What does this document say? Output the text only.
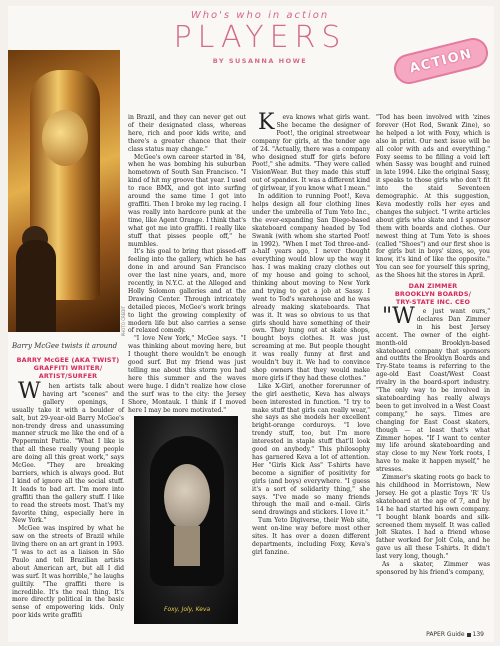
Who's who in action
PLAYERS
BY SUSANNA HOWE	ACTION
PHOTO CREDIT
Barry McGee twists it around
BARRY McGEE (AKA TWIST)
GRAFFITI WRITER/
ARTIST/SURFER

When artists talk about having art "scenes" and gallery openings, I usually take it with a boulder of salt, but 29-year-old Barry McGee's non-trendy dress and unassuming manner struck me like the end of a Peppermint Pattie. "What I like is that all these really young people are doing all this great work," says McGee. "They are breaking barriers, which is always good. But I kind of ignore all the social stuff. It leads to bad art. I'm more into graffiti than the gallery stuff. I like to read the streets most. That's my favorite thing, especially here in New York."

McGee was inspired by what he saw on the streets of Brazil while living there on an art grant in 1993. "I was to act as a liaison in São Paulo and tell Brazilian artists about American art, but all I did was surf. It was horrible," he laughs guiltily. "The graffiti there is incredible. It's the real thing. It's more directly political in the basic sense of empowering kids. Only poor kids write graffiti

in Brazil, and they can never get out of their designated class, whereas here, rich and poor kids write, and there's a greater chance that their class status may change."

McGee's own career started in '84, when he was bombing his suburban hometown of South San Francisco. "I kind of hit my groove that year. I used to race BMX, and got into surfing around the same time I got into graffiti. Then I broke my leg racing. I was really into hardcore punk at the time, like Agent Orange. I think that's what got me into graffiti. I really like stuff that pisses people off," he mumbles.

It's his goal to bring that pissed-off feeling into the gallery, which he has done in and around San Francisco over the last nine years, and, more recently, in N.Y.C. at the Alleged and Holly Solomon galleries and at the Drawing Center. Through intricately detailed pieces, McGee's work brings to light the growing complexity of modern life but also carries a sense of relaxed comedy.

"I love New York," McGee says. "I was thinking about moving here, but I thought there wouldn't be enough good surf. But my friend was just telling me about this storm you had here this summer and the waves were huge. I didn't realize how close the surf was to the city: the Jersey Shore, Montauk. I think if I moved here I may be more motivated."

Foxy, Joly, Keva

Keva knows what girls want. She became the designer of Poot!, the original streetwear company for girls, at the tender age of 24. "Actually, there was a company who designed stuff for girls before Poot!," she admits. "They were called VisionWear. But they made this stuff out of spandex. It was a different kind of girlwear, if you know what I mean."

In addition to running Poot!, Keva helps design all four clothing lines under the umbrella of Tum Yeto Inc., the ever-expanding San Diego-based skateboard company headed by Tod Swank (with whom she started Poot! in 1992). "When I met Tod three-and-a-half years ago, I never thought everything would blow up the way it has. I was making crazy clothes out of my house and going to school, thinking about moving to New York and trying to get a job at Sassy. I went to Tod's warehouse and he was already making skateboards. That was it. It was so obvious to us that girls should have something of their own. They hung out at skate shops, bought boys clothes. It was just screaming at me. But people thought it was really funny at first and wouldn't buy it. We had to convince shop owners that they would make more girls if they had these clothes."

Like X-Girl, another forerunner of the girl aesthetic, Keva has always been interested in function. "I try to make stuff that girls can really wear," she says as she models her excellent bright-orange corduroys. "I love trendy stuff, too, but I'm more interested in staple stuff that'll look good on anybody." This philosophy has garnered Keva a lot of attention. Her "Girls Kick Ass" T-shirts have become a signifier of positivity for girls (and boys) everywhere. "I guess it's a sort of solidarity thing," she says. "I've made so many friends through the mail and e-mail. Girls send drawings and stickers. I love it."

Tum Yeto Digiverse, their Web site, went on-line way before most other sites. It has over a dozen different departments, including Foxy, Keva's girl fanzine.

"Tod has been involved with 'zines forever (Hot Rod, Swank Zine), so he helped a lot with Foxy, which is also in print. Our next issue will be all color with ads and everything." Foxy seems to be filling a void left when Sassy was bought and ruined in late 1994. Like the original Sassy, it speaks to those girls who don't fit into the staid Seventeen demographic. At this suggestion, Keva modestly rolls her eyes and changes the subject. "I write articles about girls who skate and I sponsor them with boards and clothes. Our newest thing at Tum Yeto is shoes (called "Shoes") and our first shoe is for girls but in boys' sizes, so, you know, it's kind of like the opposite." You can see for yourself this spring, as the Shoes hit the stores in April.

DAN ZIMMER
BROOKLYN BOARDS/
TRY-STATE INC. CEO

"We just want ours," declares Dan Zimmer in his best Jersey accent. The owner of the eight-month-old Brooklyn-based skateboard company that sponsors and outfits the Brooklyn Boards and Try-State teams is referring to the age-old East Coast/West Coast rivalry in the board-sport industry. "The only way to be involved in skateboarding has really always been to get involved in a West Coast company," he says. Times are changing for East Coast skaters, though — at least that's what Zimmer hopes. "If I want to center my life around skateboarding and stay close to my New York roots, I have to make it happen myself," he stresses.

Zimmer's skating roots go back to his childhood in Morristown, New Jersey. He got a plastic Toys 'R' Us skateboard at the age of 7, and by 14 he had started his own company. "I bought blank boards and silk-screened them myself. It was called Jolt Skates. I had a friend whose father worked for Jolt Cola, and he gave us all these T-shirts. It didn't last very long, though."

As a skater, Zimmer was sponsored by his friend's company,

PAPER Guide 139
